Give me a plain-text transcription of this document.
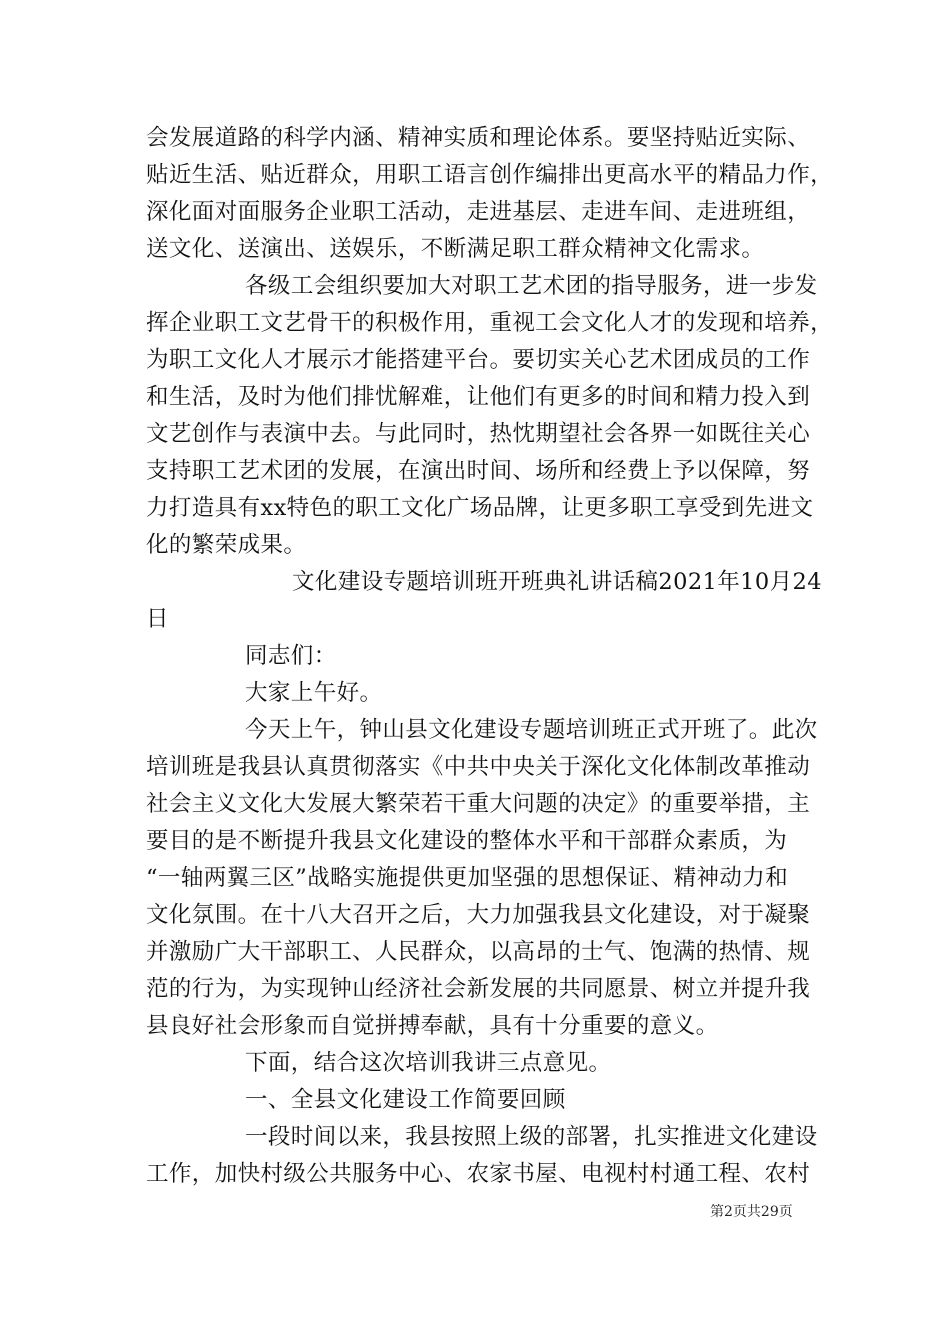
会发展道路的科学内涵、精神实质和理论体系。要坚持贴近实际、
贴近生活、贴近群众，用职工语言创作编排出更高水平的精品力作，
深化面对面服务企业职工活动，走进基层、走进车间、走进班组，
送文化、送演出、送娱乐，不断满足职工群众精神文化需求。
各级工会组织要加大对职工艺术团的指导服务，进一步发
挥企业职工文艺骨干的积极作用，重视工会文化人才的发现和培养，
为职工文化人才展示才能搭建平台。要切实关心艺术团成员的工作
和生活，及时为他们排忧解难，让他们有更多的时间和精力投入到
文艺创作与表演中去。与此同时，热忱期望社会各界一如既往关心
支持职工艺术团的发展，在演出时间、场所和经费上予以保障，努
力打造具有xx特色的职工文化广场品牌，让更多职工享受到先进文
化的繁荣成果。
文化建设专题培训班开班典礼讲话稿2021年10月24
日
同志们：
大家上午好。
今天上午，钟山县文化建设专题培训班正式开班了。此次
培训班是我县认真贯彻落实《中共中央关于深化文化体制改革推动
社会主义文化大发展大繁荣若干重大问题的决定》的重要举措，主
要目的是不断提升我县文化建设的整体水平和干部群众素质，为
“一轴两翼三区”战略实施提供更加坚强的思想保证、精神动力和
文化氛围。在十八大召开之后，大力加强我县文化建设，对于凝聚
并激励广大干部职工、人民群众，以高昂的士气、饱满的热情、规
范的行为，为实现钟山经济社会新发展的共同愿景、树立并提升我
县良好社会形象而自觉拼搏奉献，具有十分重要的意义。
下面，结合这次培训我讲三点意见。
一、全县文化建设工作简要回顾
一段时间以来，我县按照上级的部署，扎实推进文化建设
工作，加快村级公共服务中心、农家书屋、电视村村通工程、农村
第2页共29页
